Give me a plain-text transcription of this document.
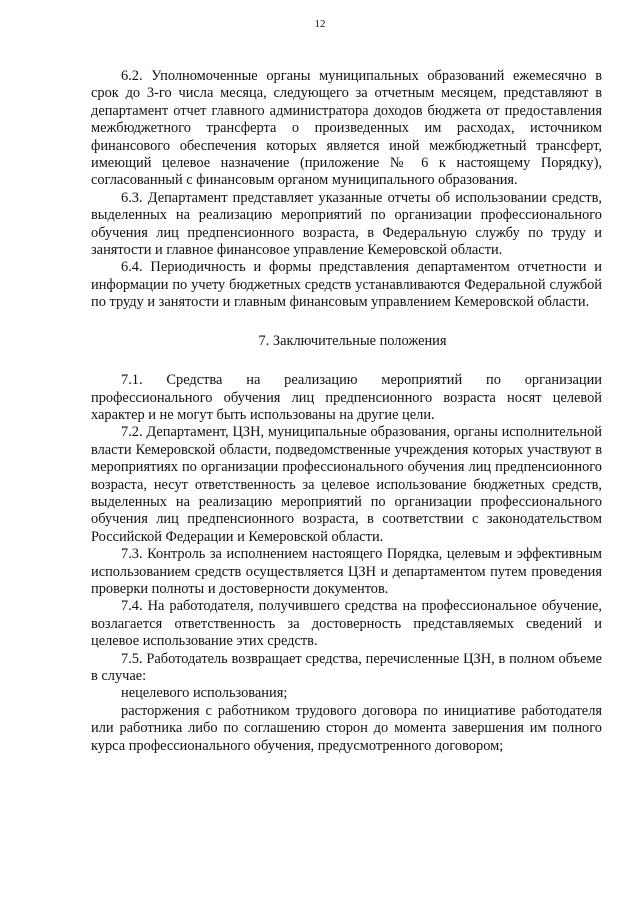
12

6.2. Уполномоченные органы муниципальных образований ежемесячно в срок до 3-го числа месяца, следующего за отчетным месяцем, представляют в департамент отчет главного администратора доходов бюджета от предоставления межбюджетного трансферта о произведенных им расходах, источником финансового обеспечения которых является иной межбюджетный трансферт, имеющий целевое назначение (приложение № 6 к настоящему Порядку), согласованный с финансовым органом муниципального образования.

6.3. Департамент представляет указанные отчеты об использовании средств, выделенных на реализацию мероприятий по организации профессионального обучения лиц предпенсионного возраста, в Федеральную службу по труду и занятости и главное финансовое управление Кемеровской области.

6.4. Периодичность и формы представления департаментом отчетности и информации по учету бюджетных средств устанавливаются Федеральной службой по труду и занятости и главным финансовым управлением Кемеровской области.

7. Заключительные положения

7.1. Средства на реализацию мероприятий по организации профессионального обучения лиц предпенсионного возраста носят целевой характер и не могут быть использованы на другие цели.

7.2. Департамент, ЦЗН, муниципальные образования, органы исполнительной власти Кемеровской области, подведомственные учреждения которых участвуют в мероприятиях по организации профессионального обучения лиц предпенсионного возраста, несут ответственность за целевое использование бюджетных средств, выделенных на реализацию мероприятий по организации профессионального обучения лиц предпенсионного возраста, в соответствии с законодательством Российской Федерации и Кемеровской области.

7.3. Контроль за исполнением настоящего Порядка, целевым и эффективным использованием средств осуществляется ЦЗН и департаментом путем проведения проверки полноты и достоверности документов.

7.4. На работодателя, получившего средства на профессиональное обучение, возлагается ответственность за достоверность представляемых сведений и целевое использование этих средств.

7.5. Работодатель возвращает средства, перечисленные ЦЗН, в полном объеме в случае:

нецелевого использования;

расторжения с работником трудового договора по инициативе работодателя или работника либо по соглашению сторон до момента завершения им полного курса профессионального обучения, предусмотренного договором;
